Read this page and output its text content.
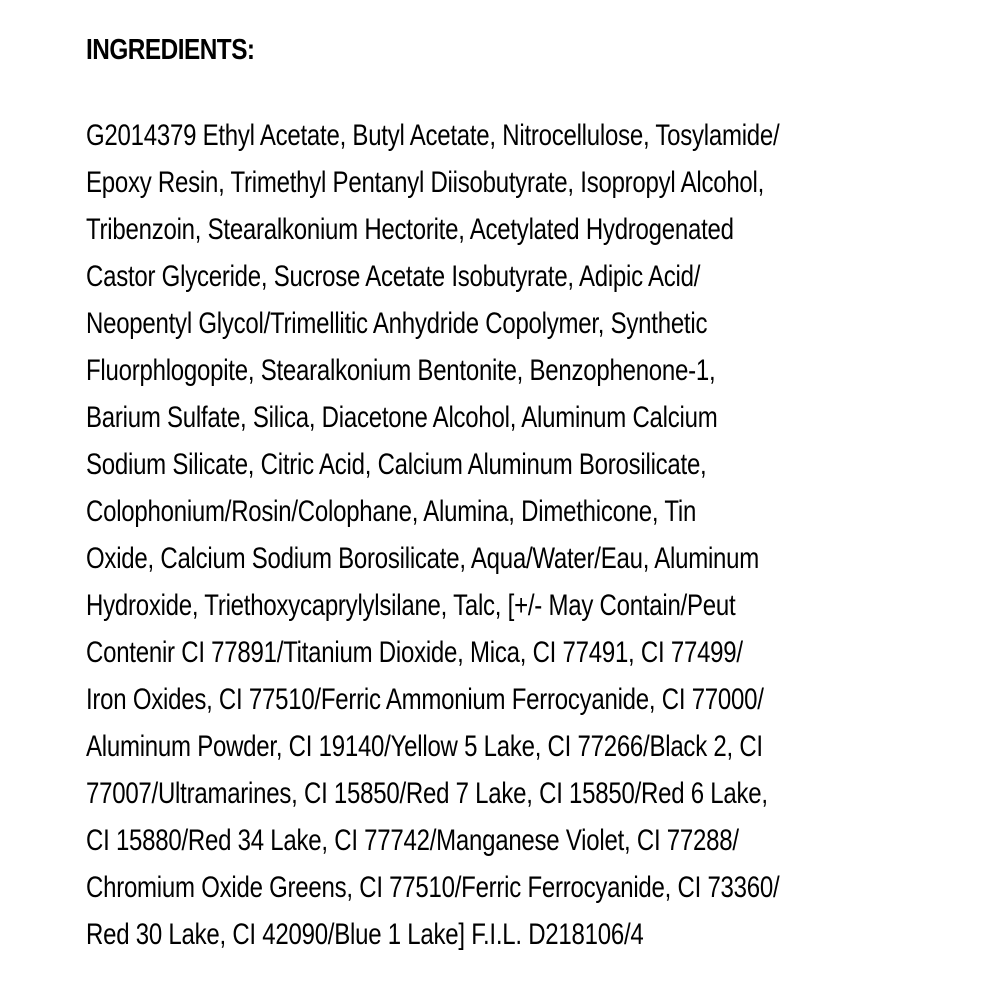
INGREDIENTS:
G2014379 Ethyl Acetate, Butyl Acetate, Nitrocellulose, Tosylamide/
Epoxy Resin, Trimethyl Pentanyl Diisobutyrate, Isopropyl Alcohol,
Tribenzoin, Stearalkonium Hectorite, Acetylated Hydrogenated
Castor Glyceride, Sucrose Acetate Isobutyrate, Adipic Acid/
Neopentyl Glycol/Trimellitic Anhydride Copolymer, Synthetic
Fluorphlogopite, Stearalkonium Bentonite, Benzophenone-1,
Barium Sulfate, Silica, Diacetone Alcohol, Aluminum Calcium
Sodium Silicate, Citric Acid, Calcium Aluminum Borosilicate,
Colophonium/Rosin/Colophane, Alumina, Dimethicone, Tin
Oxide, Calcium Sodium Borosilicate, Aqua/Water/Eau, Aluminum
Hydroxide, Triethoxycaprylylsilane, Talc, [+/- May Contain/Peut
Contenir CI 77891/Titanium Dioxide, Mica, CI 77491, CI 77499/
Iron Oxides, CI 77510/Ferric Ammonium Ferrocyanide, CI 77000/
Aluminum Powder, CI 19140/Yellow 5 Lake, CI 77266/Black 2, CI
77007/Ultramarines, CI 15850/Red 7 Lake, CI 15850/Red 6 Lake,
CI 15880/Red 34 Lake, CI 77742/Manganese Violet, CI 77288/
Chromium Oxide Greens, CI 77510/Ferric Ferrocyanide, CI 73360/
Red 30 Lake, CI 42090/Blue 1 Lake] F.I.L. D218106/4
